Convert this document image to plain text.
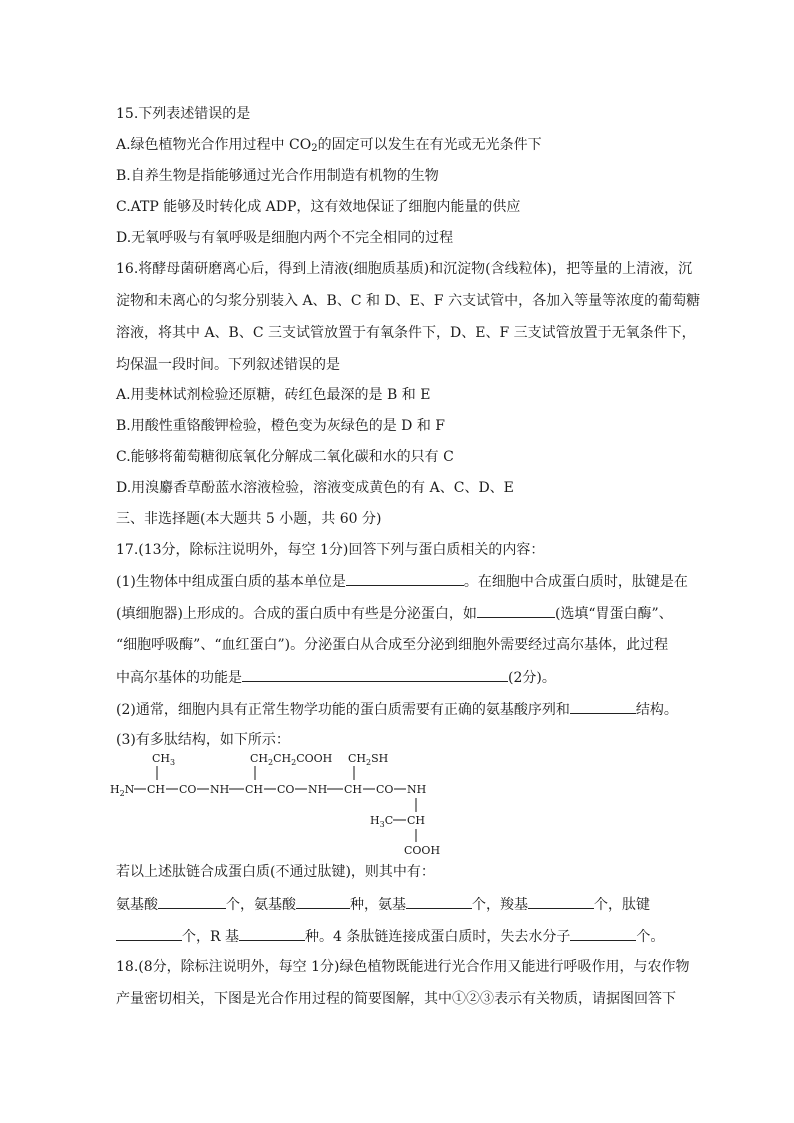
15.下列表述错误的是
A.绿色植物光合作用过程中 $CO_2$的固定可以发生在有光或无光条件下
B.自养生物是指能够通过光合作用制造有机物的生物
C.ATP 能够及时转化成 ADP，这有效地保证了细胞内能量的供应
D.无氧呼吸与有氧呼吸是细胞内两个不完全相同的过程
16.将酵母菌研磨离心后，得到上清液(细胞质基质)和沉淀物(含线粒体)，把等量的上清液，沉
淀物和未离心的匀浆分别装入 A、B、C 和 D、E、F 六支试管中，各加入等量等浓度的葡萄糖
溶液，将其中 A、B、C 三支试管放置于有氧条件下，D、E、F 三支试管放置于无氧条件下，
均保温一段时间。下列叙述错误的是
A.用斐林试剂检验还原糖，砖红色最深的是 B 和 E
B.用酸性重铬酸钾检验，橙色变为灰绿色的是 D 和 F
C.能够将葡萄糖彻底氧化分解成二氧化碳和水的只有 C
D.用溴麝香草酚蓝水溶液检验，溶液变成黄色的有 A、C、D、E
三、非选择题(本大题共 5 小题，共 60 分)
17.(13分，除标注说明外，每空 1分)回答下列与蛋白质相关的内容：
(1)生物体中组成蛋白质的基本单位是	。在细胞中合成蛋白质时，肽键是在
(填细胞器)上形成的。合成的蛋白质中有些是分泌蛋白，如	(选填“胃蛋白酶”、
“细胞呼吸酶”、“血红蛋白”)。分泌蛋白从合成至分泌到细胞外需要经过高尔基体，此过程
中高尔基体的功能是	(2分)。
(2)通常，细胞内具有正常生物学功能的蛋白质需要有正确的氨基酸序列和	结构。
(3)有多肽结构，如下所示：
$CH_3$	$CH_2CH_2COOH$ $CH_2SH$
$H_2N$ CH CO NH CH CO NH CH CO NH
$H_3C$ CH
COOH
若以上述肽链合成蛋白质(不通过肽键)，则其中有：
氨基酸	个，氨基酸	种，氨基	个，羧基	个，肽键
个，R 基	种。4 条肽链连接成蛋白质时，失去水分子	个。
18.(8分，除标注说明外，每空 1分)绿色植物既能进行光合作用又能进行呼吸作用，与农作物
产量密切相关，下图是光合作用过程的简要图解，其中①②③表示有关物质，请据图回答下
